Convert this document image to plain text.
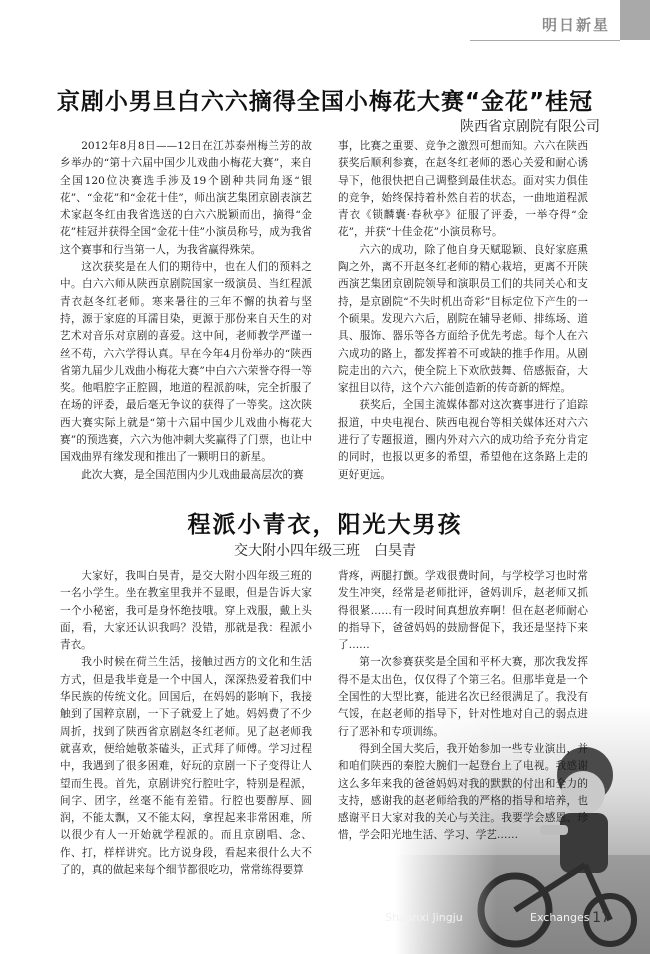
明日新星
京剧小男旦白六六摘得全国小梅花大赛“金花”桂冠
陕西省京剧院有限公司

2012年8月8日——12日在江苏泰州梅兰芳的故乡举办的“第十六届中国少儿戏曲小梅花大赛”，来自全国120位决赛选手涉及19个剧种共同角逐“银花”、“金花”和“金花十佳”，师出演艺集团京剧表演艺术家赵冬红由我省选送的白六六脱颖而出，摘得“金花”桂冠并获得全国“金花十佳”小演员称号，成为我省这个赛事和行当第一人，为我省赢得殊荣。

这次获奖是在人们的期待中，也在人们的预料之中。白六六师从陕西京剧院国家一级演员、当红程派青衣赵冬红老师。寒来暑往的三年不懈的执着与坚持，源于家庭的耳濡目染，更源于那份来自天生的对艺术对音乐对京剧的喜爱。这中间，老师教学严谨一丝不苟，六六学得认真。早在今年4月份举办的“陕西省第九届少儿戏曲小梅花大赛”中白六六荣誉夺得一等奖。他唱腔字正腔圆，地道的程派韵味，完全折服了在场的评委，最后毫无争议的获得了一等奖。这次陕西大赛实际上就是“第十六届中国少儿戏曲小梅花大赛”的预选赛，六六为他冲刺大奖赢得了门票，也让中国戏曲界有缘发现和推出了一颗明日的新星。

此次大赛，是全国范围内少儿戏曲最高层次的赛

事，比赛之重要、竞争之激烈可想而知。六六在陕西获奖后顺利参赛，在赵冬红老师的悉心关爱和耐心诱导下，他很快把自己调整到最佳状态。面对实力俱佳的竞争，始终保持着朴然自若的状态，一曲地道程派青衣《锁麟囊·春秋亭》征服了评委，一举夺得“金花”，并获“十佳金花”小演员称号。

六六的成功，除了他自身天赋聪颖、良好家庭熏陶之外，离不开赵冬红老师的精心栽培，更离不开陕西演艺集团京剧院领导和演职员工们的共同关心和支持，是京剧院“不失时机出奇彩”目标定位下产生的一个硕果。发现六六后，剧院在辅导老师、排练场、道具、服饰、器乐等各方面给予优先考虑。每个人在六六成功的路上，都发挥着不可或缺的推手作用。从剧院走出的六六，使全院上下欢欣鼓舞、倍感振奋，大家扭目以待，这个六六能创造新的传奇新的辉煌。

获奖后，全国主流媒体都对这次赛事进行了追踪报道，中央电视台、陕西电视台等相关媒体还对六六进行了专题报道，圈内外对六六的成功给予充分肯定的同时，也报以更多的希望，希望他在这条路上走的更好更远。

程派小青衣，阳光大男孩
交大附小四年级三班　白昊青

大家好，我叫白昊青，是交大附小四年级三班的一名小学生。坐在教室里我并不显眼，但是告诉大家一个小秘密，我可是身怀绝技哦。穿上戏服，戴上头面，看，大家还认识我吗？没错，那就是我：程派小青衣。

我小时候在荷兰生活，接触过西方的文化和生活方式，但是我毕竟是一个中国人，深深热爱着我们中华民族的传统文化。回国后，在妈妈的影响下，我接触到了国粹京剧，一下子就爱上了她。妈妈费了不少周折，找到了陕西省京剧赵冬红老师。见了赵老师我就喜欢，便给她敬茶磕头，正式拜了师傅。学习过程中，我遇到了很多困难，好玩的京剧一下子变得让人望而生畏。首先，京剧讲究行腔吐字，特别是程派，间字、团字，丝毫不能有差错。行腔也要醇厚、圆润，不能太飘，又不能太闷，拿捏起来非常困难，所以很少有人一开始就学程派的。而且京剧唱、念、作、打，样样讲究。比方说身段，看起来很什么大不了的，真的做起来每个细节都很吃功，常常练得要算

背疼，两腿打颤。学戏很费时间，与学校学习也时常发生冲突，经常是老师批评，爸妈训斥，赵老师又抓得很紧……有一段时间真想放弃啊！但在赵老师耐心的指导下，爸爸妈妈的鼓励督促下，我还是坚持下来了……

第一次参赛获奖是全国和平杯大赛，那次我发挥得不是太出色，仅仅得了个第三名。但那毕竟是一个全国性的大型比赛，能进名次已经很满足了。我没有气馁，在赵老师的指导下，针对性地对自己的弱点进行了恶补和专项训练。

得到全国大奖后，我开始参加一些专业演出，并和咱们陕西的秦腔大腕们一起登台上了电视。我感谢这么多年来我的爸爸妈妈对我的默默的付出和全力的支持，感谢我的赵老师给我的严格的指导和培养，也感谢平日大家对我的关心与关注。我要学会感恩、珍惜，学会阳光地生活、学习、学艺……

Shaanxi Jingju	Exchanges 17
